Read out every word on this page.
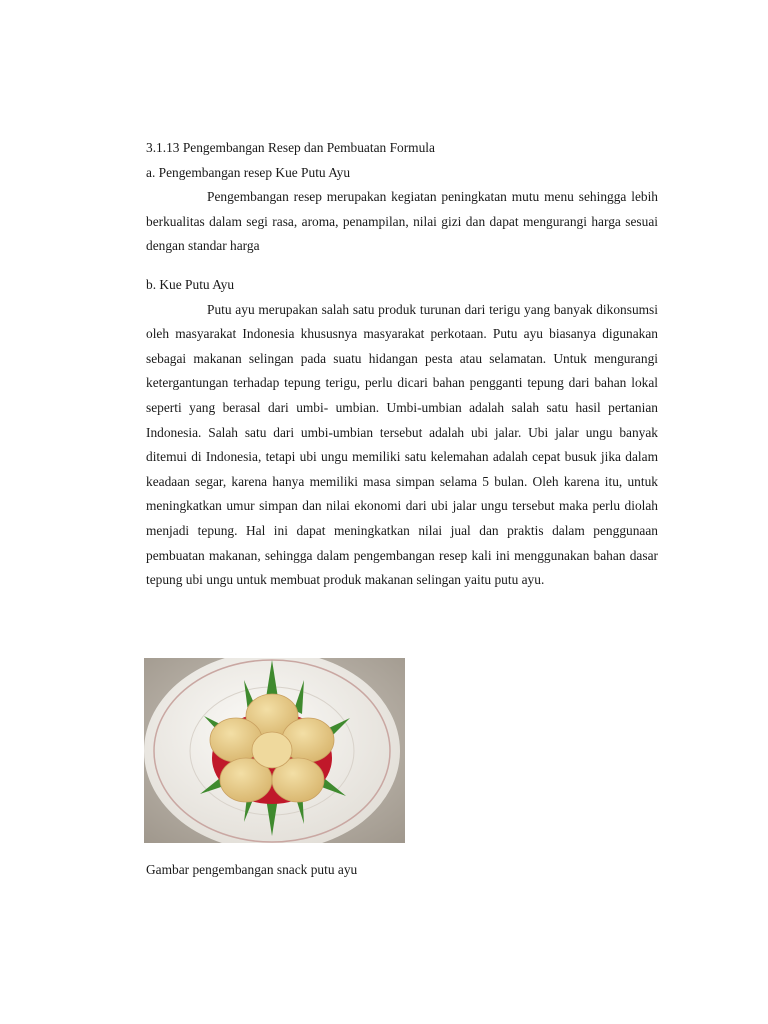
3.1.13 Pengembangan Resep dan Pembuatan Formula

a. Pengembangan resep Kue Putu Ayu

Pengembangan resep merupakan kegiatan peningkatan mutu menu sehingga lebih berkualitas dalam segi rasa, aroma, penampilan, nilai gizi dan dapat mengurangi harga sesuai dengan standar harga

b. Kue Putu Ayu

Putu ayu merupakan salah satu produk turunan dari terigu yang banyak dikonsumsi oleh masyarakat Indonesia khususnya masyarakat perkotaan. Putu ayu biasanya digunakan sebagai makanan selingan pada suatu hidangan pesta atau selamatan. Untuk mengurangi ketergantungan terhadap tepung terigu, perlu dicari bahan pengganti tepung dari bahan lokal seperti yang berasal dari umbi- umbian. Umbi-umbian adalah salah satu hasil pertanian Indonesia. Salah satu dari umbi-umbian tersebut adalah ubi jalar. Ubi jalar ungu banyak ditemui di Indonesia, tetapi ubi ungu memiliki satu kelemahan adalah cepat busuk jika dalam keadaan segar, karena hanya memiliki masa simpan selama 5 bulan. Oleh karena itu, untuk meningkatkan umur simpan dan nilai ekonomi dari ubi jalar ungu tersebut maka perlu diolah menjadi tepung. Hal ini dapat meningkatkan nilai jual dan praktis dalam penggunaan pembuatan makanan, sehingga dalam pengembangan resep kali ini menggunakan bahan dasar tepung ubi ungu untuk membuat produk makanan selingan yaitu putu ayu.

Gambar pengembangan snack putu ayu
